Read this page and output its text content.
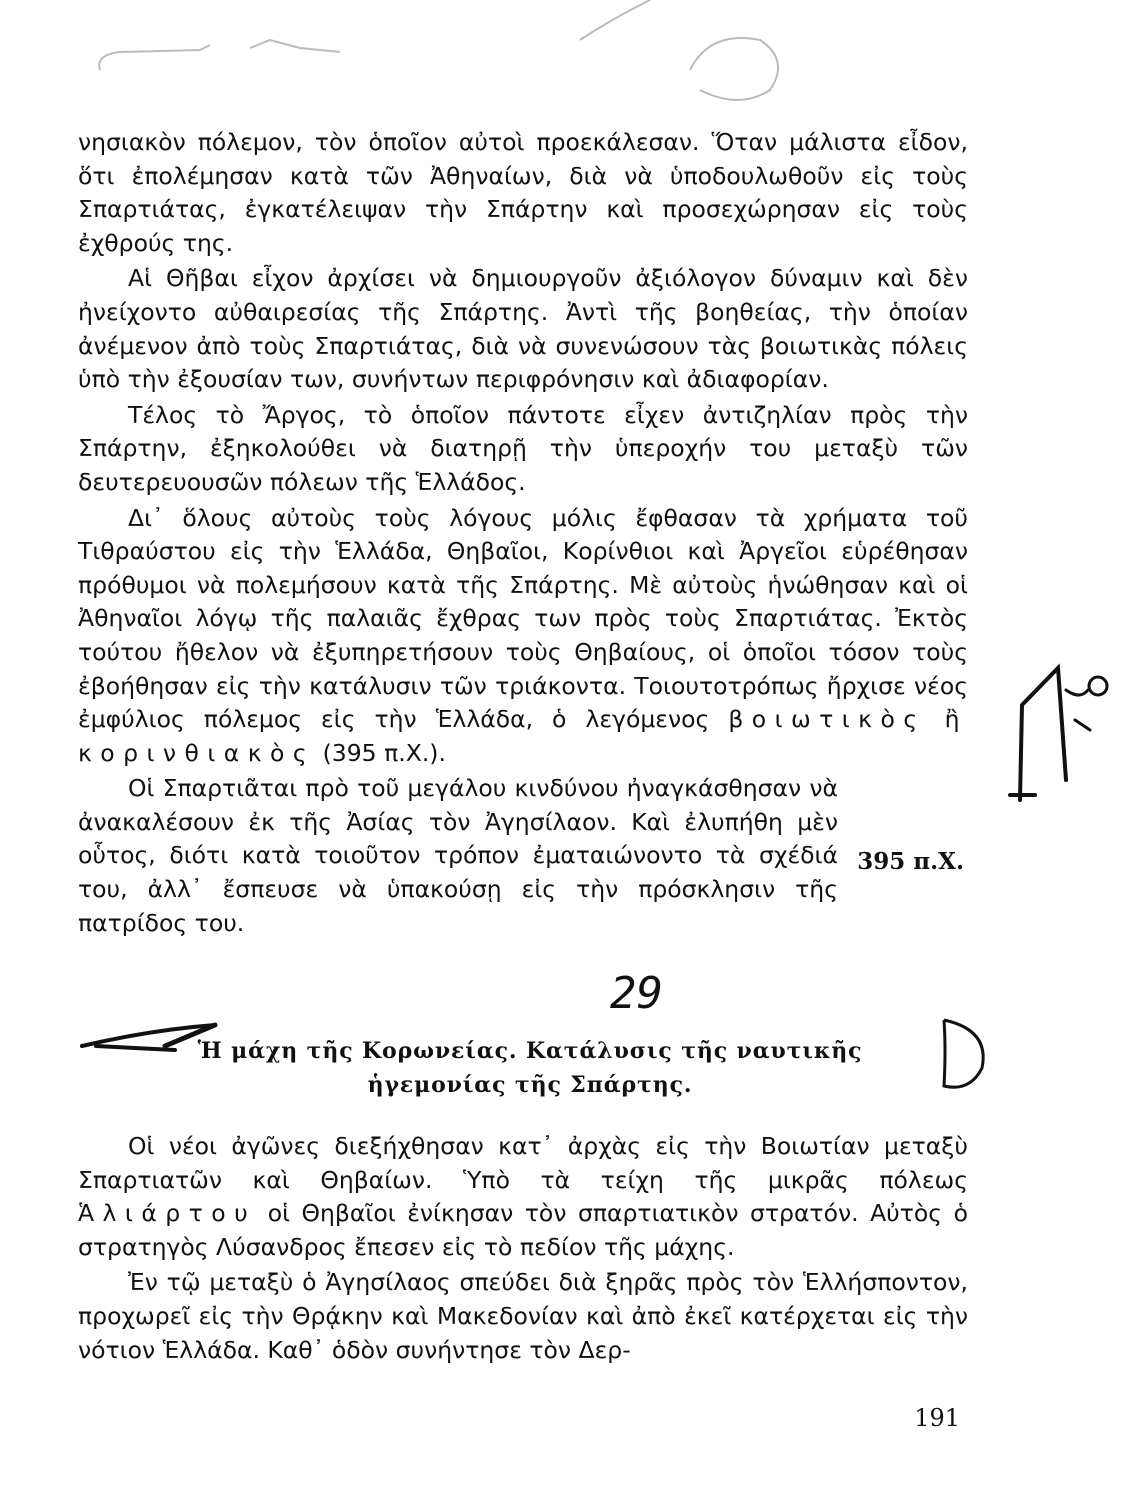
νησιακὸν πόλεμον, τὸν ὁποῖον αὐτοὶ προεκάλεσαν. Ὅταν μάλιστα εἶδον, ὅτι ἐπολέμησαν κατὰ τῶν Ἀθηναίων, διὰ νὰ ὑποδουλωθοῦν εἰς τοὺς Σπαρτιάτας, ἐγκατέλειψαν τὴν Σπάρτην καὶ προσεχώρησαν εἰς τοὺς ἐχθρούς της.

Αἱ Θῆβαι εἶχον ἀρχίσει νὰ δημιουργοῦν ἀξιόλογον δύναμιν καὶ δὲν ἠνείχοντο αὐθαιρεσίας τῆς Σπάρτης. Ἀντὶ τῆς βοηθείας, τὴν ὁποίαν ἀνέμενον ἀπὸ τοὺς Σπαρτιάτας, διὰ νὰ συνενώσουν τὰς βοιωτικὰς πόλεις ὑπὸ τὴν ἐξουσίαν των, συνήντων περιφρόνησιν καὶ ἀδιαφορίαν.

Τέλος τὸ Ἄργος, τὸ ὁποῖον πάντοτε εἶχεν ἀντιζηλίαν πρὸς τὴν Σπάρτην, ἐξηκολούθει νὰ διατηρῇ τὴν ὑπεροχήν του μεταξὺ τῶν δευτερευουσῶν πόλεων τῆς Ἑλλάδος.

Δι᾽ ὅλους αὐτοὺς τοὺς λόγους μόλις ἔφθασαν τὰ χρήματα τοῦ Τιθραύστου εἰς τὴν Ἑλλάδα, Θηβαῖοι, Κορίνθιοι καὶ Ἀργεῖοι εὑρέθησαν πρόθυμοι νὰ πολεμήσουν κατὰ τῆς Σπάρτης. Μὲ αὐτοὺς ἡνώθησαν καὶ οἱ Ἀθηναῖοι λόγῳ τῆς παλαιᾶς ἔχθρας των πρὸς τοὺς Σπαρτιάτας. Ἐκτὸς τούτου ἤθελον νὰ ἐξυπηρετήσουν τοὺς Θηβαίους, οἱ ὁποῖοι τόσον τοὺς ἐβοήθησαν εἰς τὴν κατάλυσιν τῶν τριάκοντα. Τοιουτοτρόπως ἤρχισε νέος ἐμφύλιος πόλεμος εἰς τὴν Ἑλλάδα, ὁ λεγόμενος βοιωτικὸς ἢ κορινθιακὸς (395 π.Χ.).

Οἱ Σπαρτιᾶται πρὸ τοῦ μεγάλου κινδύνου ἠναγκάσθησαν νὰ ἀνακαλέσουν ἐκ τῆς Ἀσίας τὸν Ἀγησίλαον. Καὶ ἐλυπήθη μὲν οὗτος, διότι κατὰ τοιοῦτον τρόπον ἐματαιώνοντο τὰ σχέδιά του, ἀλλ᾽ ἔσπευσε νὰ ὑπακούσῃ εἰς τὴν πρόσκλησιν τῆς πατρίδος του.

395 π.Χ.
29
Ἡ μάχη τῆς Κορωνείας. Κατάλυσις τῆς ναυτικῆς
ἡγεμονίας τῆς Σπάρτης.

Οἱ νέοι ἀγῶνες διεξήχθησαν κατ᾽ ἀρχὰς εἰς τὴν Βοιωτίαν μεταξὺ Σπαρτιατῶν καὶ Θηβαίων. Ὑπὸ τὰ τείχη τῆς μικρᾶς πόλεως Ἁλιάρτου οἱ Θηβαῖοι ἐνίκησαν τὸν σπαρτιατικὸν στρατόν. Αὐτὸς ὁ στρατηγὸς Λύσανδρος ἔπεσεν εἰς τὸ πεδίον τῆς μάχης.

Ἐν τῷ μεταξὺ ὁ Ἀγησίλαος σπεύδει διὰ ξηρᾶς πρὸς τὸν Ἑλλήσποντον, προχωρεῖ εἰς τὴν Θρᾴκην καὶ Μακεδονίαν καὶ ἀπὸ ἐκεῖ κατέρχεται εἰς τὴν νότιον Ἑλλάδα. Καθ᾽ ὁδὸν συνήντησε τὸν Δερ-

191
